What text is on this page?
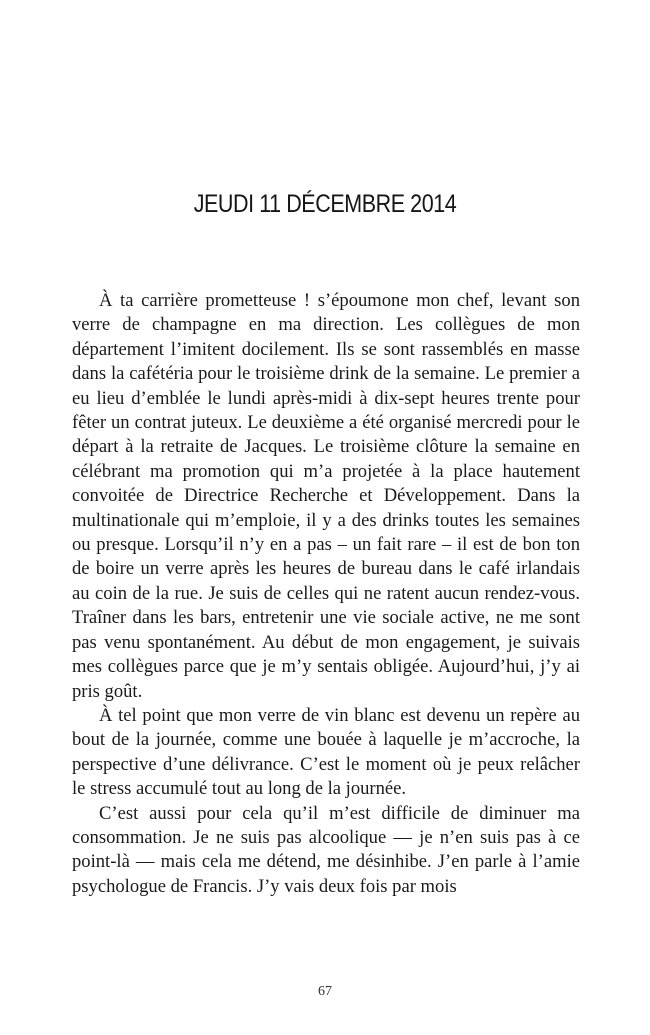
JEUDI 11 DÉCEMBRE 2014

À ta carrière prometteuse ! s’époumone mon chef, levant son verre de champagne en ma direction. Les collègues de mon département l’imitent docilement. Ils se sont rassemblés en masse dans la cafétéria pour le troisième drink de la semaine. Le premier a eu lieu d’emblée le lundi après-midi à dix-sept heures trente pour fêter un contrat juteux. Le deuxième a été organisé mercredi pour le départ à la retraite de Jacques. Le troisième clôture la semaine en célébrant ma promotion qui m’a projetée à la place hautement convoitée de Directrice Recherche et Développement. Dans la multinationale qui m’emploie, il y a des drinks toutes les semaines ou presque. Lorsqu’il n’y en a pas – un fait rare – il est de bon ton de boire un verre après les heures de bureau dans le café irlandais au coin de la rue. Je suis de celles qui ne ratent aucun rendez-vous. Traîner dans les bars, entretenir une vie sociale active, ne me sont pas venu spontanément. Au début de mon engagement, je suivais mes collègues parce que je m’y sentais obligée. Aujourd’hui, j’y ai pris goût.

À tel point que mon verre de vin blanc est devenu un repère au bout de la journée, comme une bouée à laquelle je m’accroche, la perspective d’une délivrance. C’est le moment où je peux relâcher le stress accumulé tout au long de la journée.

C’est aussi pour cela qu’il m’est difficile de diminuer ma consommation. Je ne suis pas alcoolique — je n’en suis pas à ce point-là — mais cela me détend, me désinhibe. J’en parle à l’amie psychologue de Francis. J’y vais deux fois par mois

67
